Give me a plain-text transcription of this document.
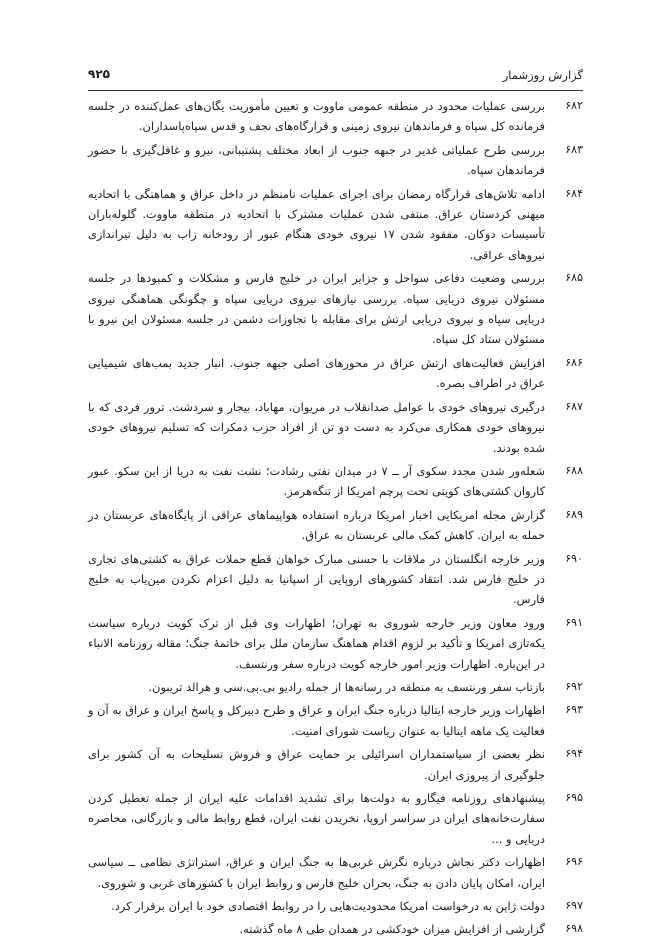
گزارش روزشمار
۹۲۵
۶۸۲
بررسی عملیات محدود در منطقه عمومی ماووت و تعیین مأموریت یگان‌های عمل‌کننده در جلسه فرمانده کل سپاه و فرماندهان نیروی زمینی و قرارگاه‌های نجف و قدس سپاه‌پاسداران.
۶۸۳
بررسی طرح عملیاتی غدیر در جبهه جنوب از ابعاد مختلف پشتیبانی، نیرو و غافل‌گیری با حضور فرماندهان سپاه.
۶۸۴
ادامه تلاش‌های قرارگاه رمضان برای اجرای عملیات نامنظم در داخل عراق و هماهنگی با اتحادیه میهنی کردستان عراق. منتفی شدن عملیات مشترک با اتحادیه در منطقه ماووت. گلوله‌باران تأسیسات دوکان. مفقود شدن ۱۷ نیروی خودی هنگام عبور از رودخانه زاب به دلیل تیراندازی نیروهای عراقی.
۶۸۵
بررسی وضعیت دفاعی سواحل و جزایر ایران در خلیج فارس و مشکلات و کمبودها در جلسه مسئولان نیروی دریایی سپاه. بررسی نیازهای نیروی دریایی سپاه و چگونگی هماهنگی نیروی دریایی سپاه و نیروی دریایی ارتش برای مقابله با تجاوزات دشمن در جلسه مسئولان این نیرو با مسئولان ستاد کل سپاه.
۶۸۶
افزایش فعالیت‌های ارتش عراق در محورهای اصلی جبهه جنوب. انبار جدید بمب‌های شیمیایی عراق در اطراف بصره.
۶۸۷
درگیری نیروهای خودی با عوامل ضدانقلاب در مریوان، مهاباد، بیجار و سردشت. ترور فردی که با نیروهای خودی همکاری می‌کرد به دست دو تن از افراد حزب دمکرات که تسلیم نیروهای خودی شده بودند.
۶۸۸
شعله‌ور شدن مجدد سکوی آر ــ ۷ در میدان نفتی رشادت؛ نشت نفت به دریا از این سکو. عبور کاروان کشتی‌های کویتی تحت پرچم امریکا از تنگه‌هرمز.
۶۸۹
گزارش مجله امریکایی اخبار امریکا درباره استفاده هواپیماهای عراقی از پایگاه‌های عربستان در حمله به ایران. کاهش کمک مالی عربستان به عراق.
۶۹۰
وزیر خارجه انگلستان در ملاقات با حسنی مبارک خواهان قطع حملات عراق به کشتی‌های تجاری در خلیج فارس شد. انتقاد کشورهای اروپایی از اسپانیا به دلیل اعزام نکردن مین‌یاب به خلیج فارس.
۶۹۱
ورود معاون وزیر خارجه شوروی به تهران؛ اظهارات وی قبل از ترک کویت درباره سیاست یکه‌تازی امریکا و تأکید بر لزوم اقدام هماهنگ سازمان ملل برای خاتمهٔ جنگ؛ مقاله روزنامه الانباء در این‌باره. اظهارات وزیر امور خارجه کویت درباره سفر ورنتسف.
۶۹۲
بازتاب سفر ورنتسف به منطقه در رسانه‌ها از جمله رادیو بی.بی.سی و هرالد تریبون.
۶۹۳
اظهارات وزیر خارجه ایتالیا درباره جنگ ایران و عراق و طرح دبیرکل و پاسخ ایران و عراق به آن و فعالیت یک ماهه ایتالیا به عنوان ریاست شورای امنیت.
۶۹۴
نظر بعضی از سیاستمداران اسرائیلی بر حمایت عراق و فروش تسلیحات به آن کشور برای جلوگیری از پیروزی ایران.
۶۹۵
پیشنهادهای روزنامه فیگارو به دولت‌ها برای تشدید اقدامات علیه ایران از جمله تعطیل کردن سفارت‌خانه‌های ایران در سراسر اروپا، نخریدن نفت ایران، قطع روابط مالی و بازرگانی، محاصره دریایی و ...
۶۹۶
اظهارات دکتر نجاش درباره نگرش غربی‌ها به جنگ ایران و عراق، استراتژی نظامی ــ سیاسی ایران، امکان پایان دادن به جنگ، بحران خلیج فارس و روابط ایران با کشورهای غربی و شوروی.
۶۹۷
دولت ژاپن به درخواست امریکا محدودیت‌هایی را در روابط اقتصادی خود با ایران برقرار کرد.
۶۹۸
گزارشی از افزایش میزان خودکشی در همدان طی ۸ ماه گذشته.
